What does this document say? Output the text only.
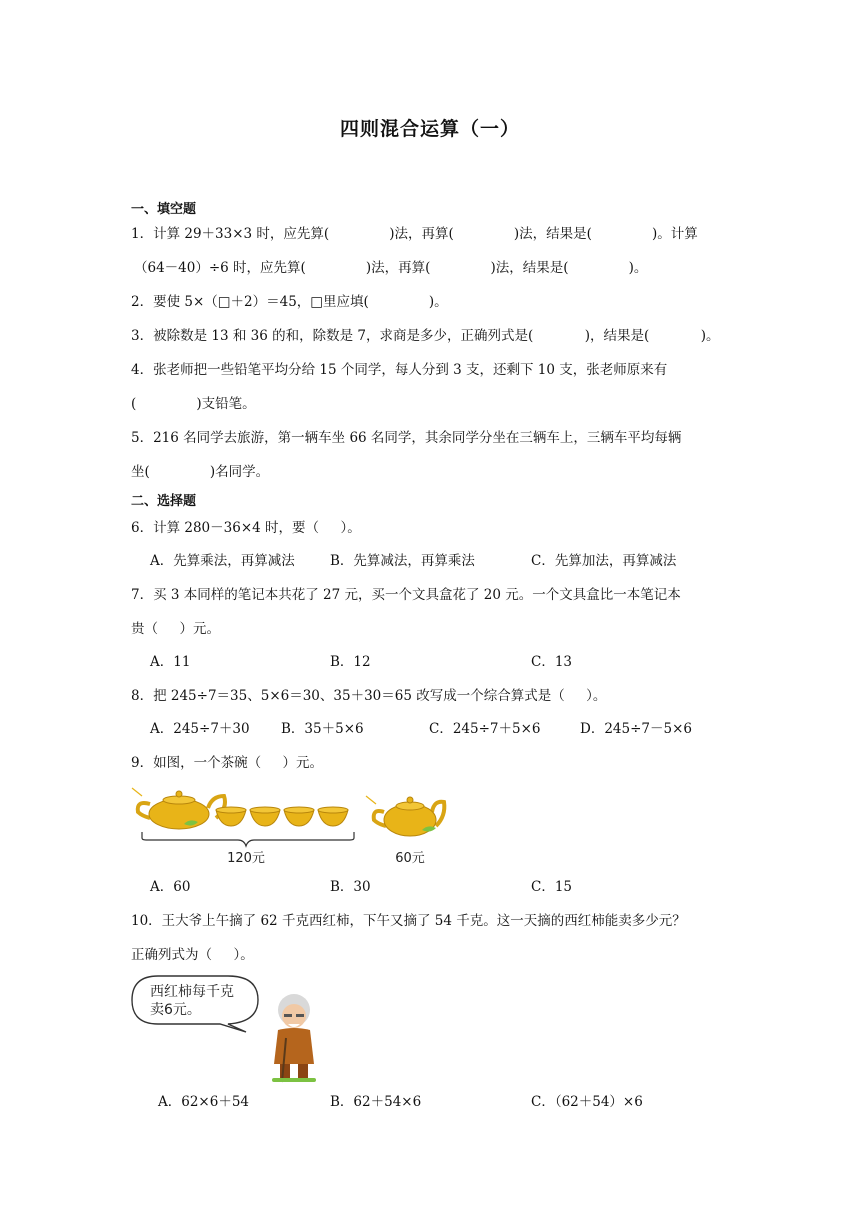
四则混合运算（一）
一、填空题
1．计算 29＋33×3 时，应先算(              )法，再算(              )法，结果是(              )。计算
（64－40）÷6 时，应先算(              )法，再算(              )法，结果是(              )。
2．要使 5×（□＋2）＝45，□里应填(              )。
3．被除数是 13 和 36 的和，除数是 7，求商是多少，正确列式是(            )，结果是(            )。
4．张老师把一些铅笔平均分给 15 个同学，每人分到 3 支，还剩下 10 支，张老师原来有
(              )支铅笔。
5．216 名同学去旅游，第一辆车坐 66 名同学，其余同学分坐在三辆车上，三辆车平均每辆
坐(              )名同学。
二、选择题
6．计算 280－36×4 时，要（     ）。
A．先算乘法，再算减法	B．先算减法，再算乘法	C．先算加法，再算减法
7．买 3 本同样的笔记本共花了 27 元，买一个文具盒花了 20 元。一个文具盒比一本笔记本
贵（     ）元。
A．11	B．12	C．13
8．把 245÷7＝35、5×6＝30、35＋30＝65 改写成一个综合算式是（     ）。
A．245÷7＋30 B．35＋5×6	C．245÷7＋5×6	D．245÷7－5×6
9．如图，一个茶碗（     ）元。
120元	60元
A．60	B．30	C．15
10．王大爷上午摘了 62 千克西红柿，下午又摘了 54 千克。这一天摘的西红柿能卖多少元？
正确列式为（     ）。
西红柿每千克
卖6元。
A．62×6＋54	B．62＋54×6	C．（62＋54）×6
